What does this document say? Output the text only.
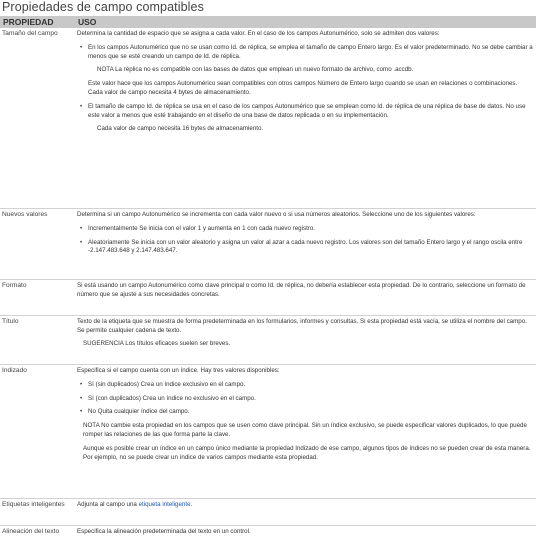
Propiedades de campo compatibles
PROPIEDAD	USO
Tamaño del campo	Determina la cantidad de espacio que se asigna a cada valor. En el caso de los campos Autonumérico, solo se admiten dos valores:

• En los campos Autonumérico que no se usan como Id. de réplica, se emplea el tamaño de campo Entero largo. Es el valor predeterminado. No se debe cambiar a menos que se esté creando un campo de Id. de réplica.

NOTA La réplica no es compatible con las bases de datos que emplean un nuevo formato de archivo, como .accdb.

Este valor hace que los campos Autonumérico sean compatibles con otros campos Número de Entero largo cuando se usan en relaciones o combinaciones. Cada valor de campo necesita 4 bytes de almacenamiento.

• El tamaño de campo Id. de réplica se usa en el caso de los campos Autonumérico que se emplean como Id. de réplica de una réplica de base de datos. No use este valor a menos que esté trabajando en el diseño de una base de datos replicada o en su implementación.

Cada valor de campo necesita 16 bytes de almacenamiento.

Nuevos valores	Determina si un campo Autonumérico se incrementa con cada valor nuevo o si usa números aleatorios. Seleccione uno de los siguientes valores:

• Incrementalmente Se inicia con el valor 1 y aumenta en 1 con cada nuevo registro.

• Aleatoriamente Se inicia con un valor aleatorio y asigna un valor al azar a cada nuevo registro. Los valores son del tamaño Entero largo y el rango oscila entre -2.147.483.648 y 2.147.483.647.

Formato	Si está usando un campo Autonumérico como clave principal o como Id. de réplica, no debería establecer esta propiedad. De lo contrario, seleccione un formato de número que se ajuste a sus necesidades concretas.

Título	Texto de la etiqueta que se muestra de forma predeterminada en los formularios, informes y consultas. Si esta propiedad está vacía, se utiliza el nombre del campo. Se permite cualquier cadena de texto.

SUGERENCIA Los títulos eficaces suelen ser breves.

Indizado	Especifica si el campo cuenta con un índice. Hay tres valores disponibles:

• Sí (sin duplicados) Crea un índice exclusivo en el campo.

• Sí (con duplicados) Crea un índice no exclusivo en el campo.

• No Quita cualquier índice del campo.

NOTA No cambie esta propiedad en los campos que se usen como clave principal. Sin un índice exclusivo, se puede especificar valores duplicados, lo que puede romper las relaciones de las que forma parte la clave.

Aunque es posible crear un índice en un campo único mediante la propiedad Indizado de ese campo, algunos tipos de índices no se pueden crear de esta manera. Por ejemplo, no se puede crear un índice de varios campos mediante esta propiedad.

Etiquetas inteligentes	Adjunta al campo una etiqueta inteligente.

Alineación del texto	Especifica la alineación predeterminada del texto en un control.
